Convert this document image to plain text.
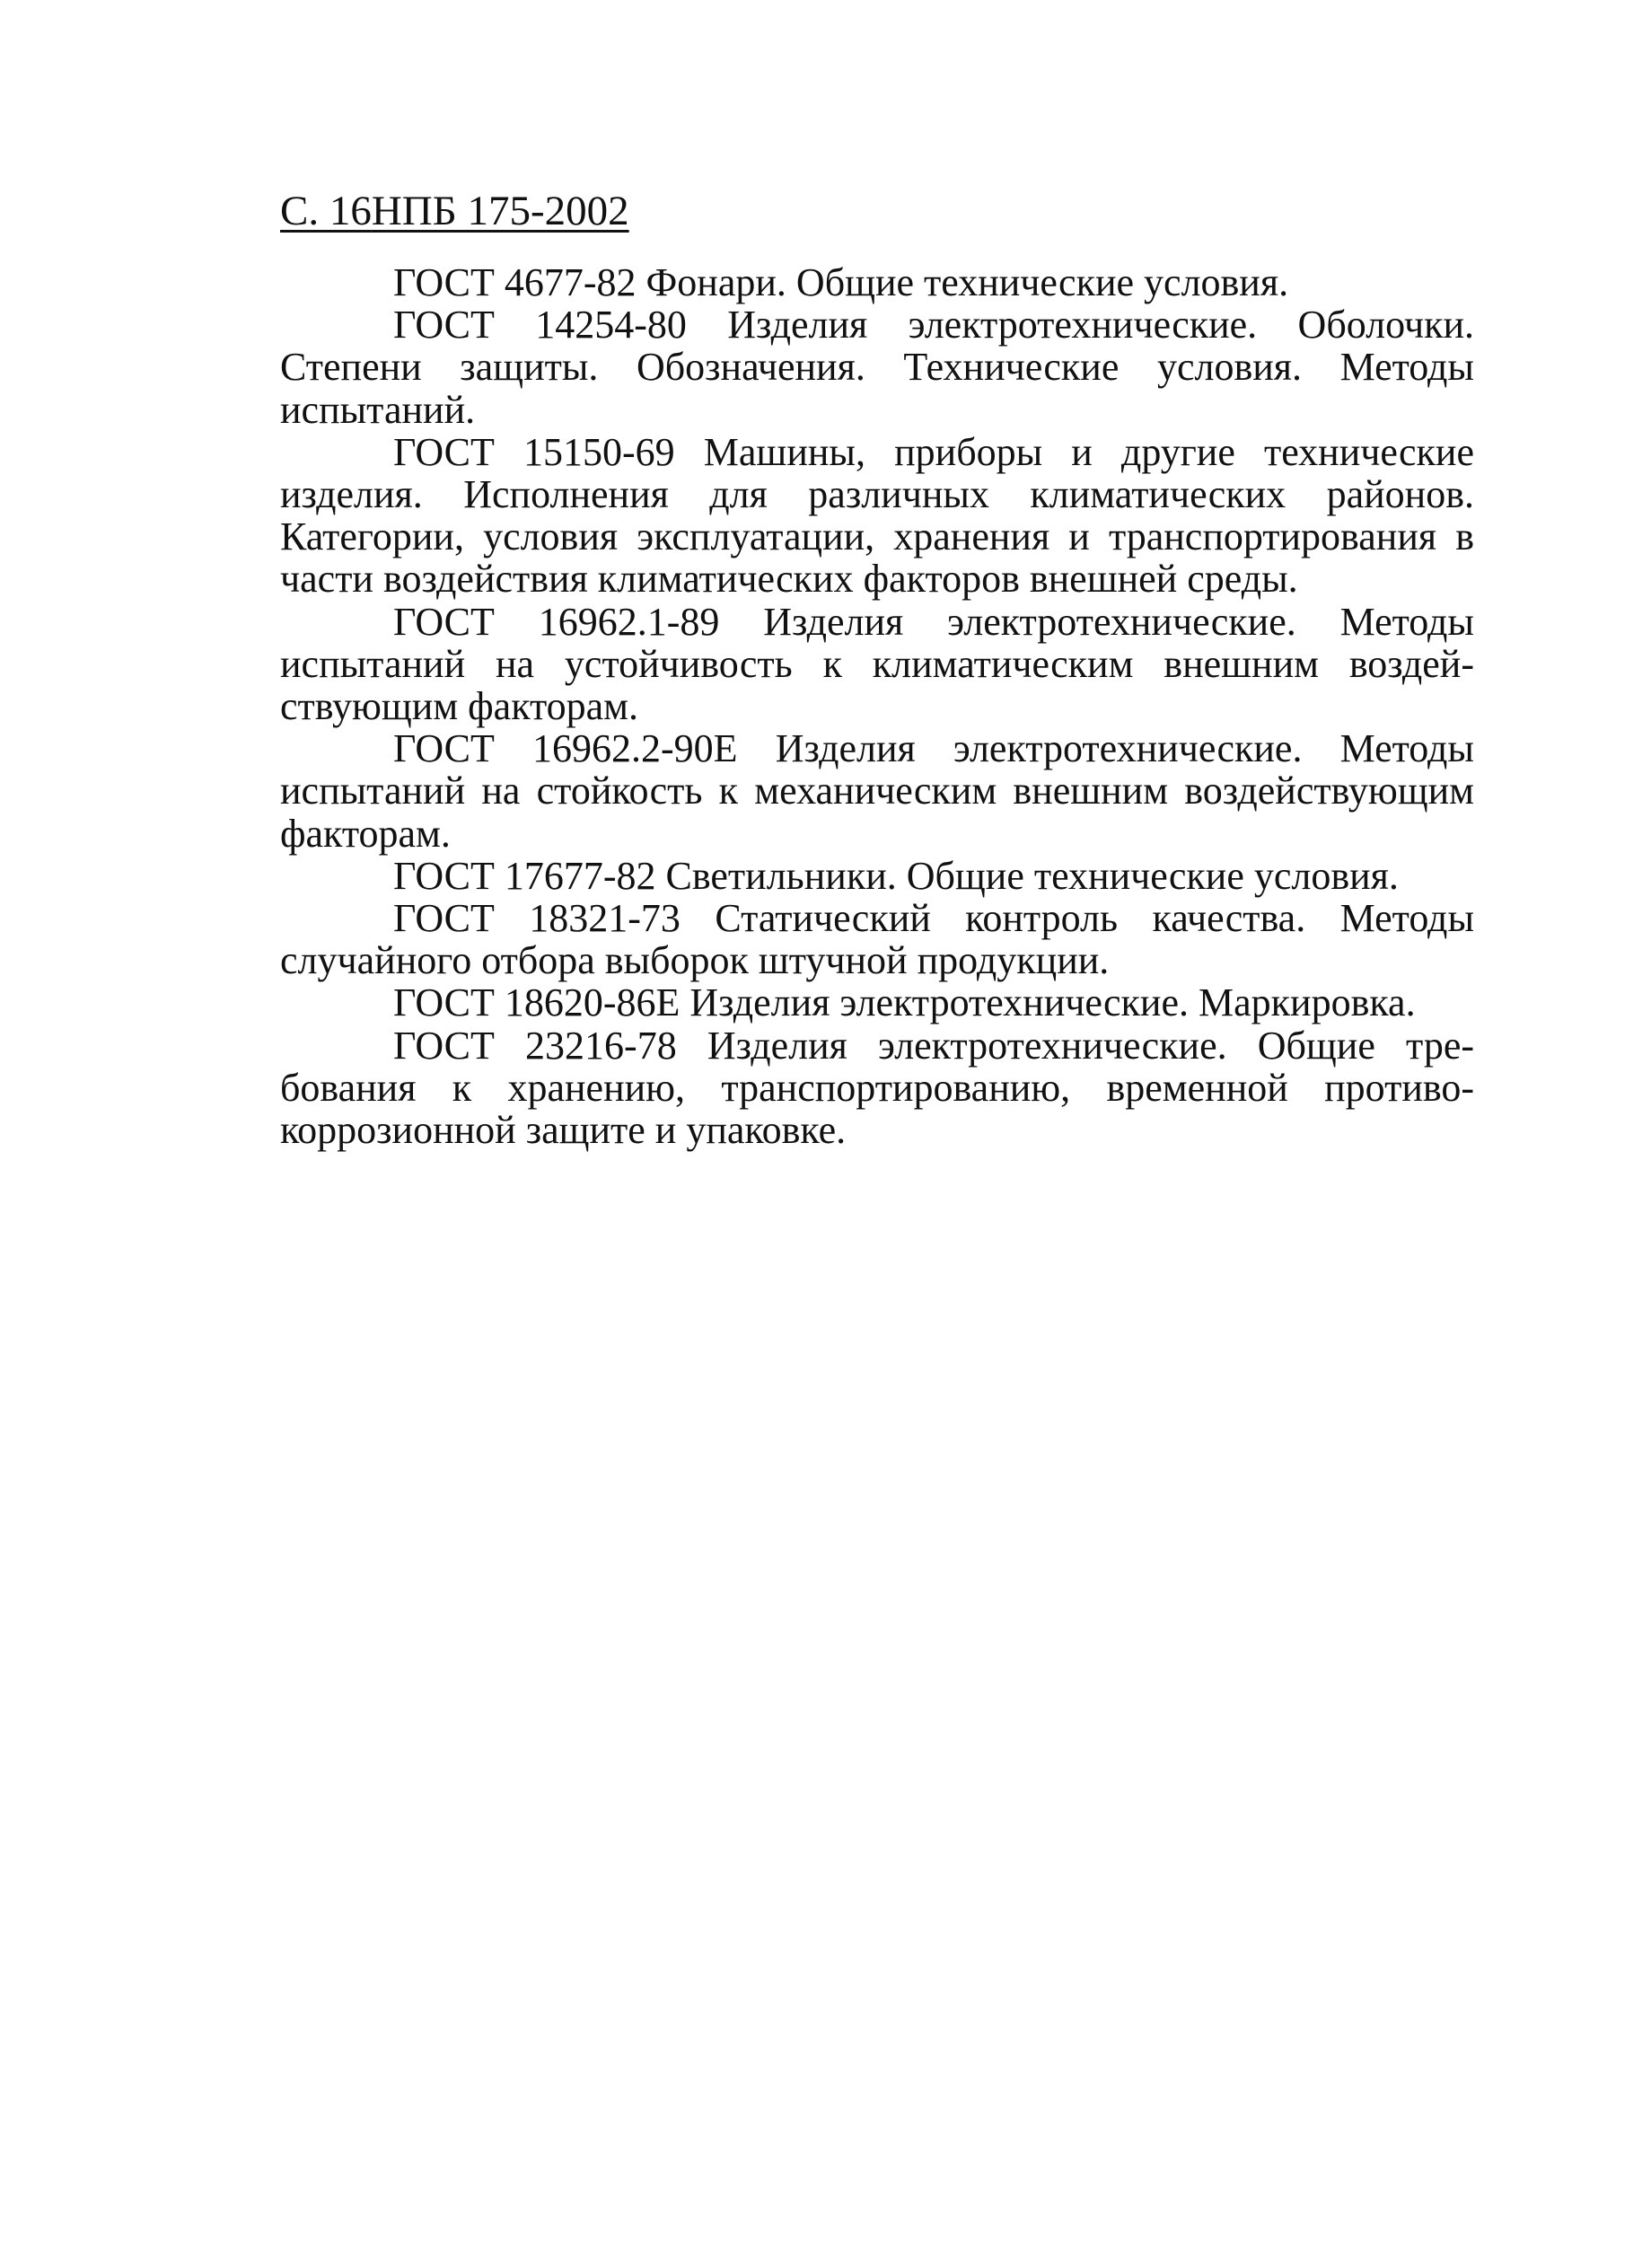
С. 16НПБ 175-2002
ГОСТ 4677-82 Фонари. Общие технические условия.
ГОСТ 14254-80 Изделия электротехнические. Оболочки. Степени защиты. Обозначения. Технические условия. Методы испытаний.
ГОСТ 15150-69 Машины, приборы и другие технические изделия. Исполнения для различных климатических районов. Категории, условия эксплуатации, хранения и транспортирования в части воздействия климатических факторов внешней среды.
ГОСТ 16962.1-89 Изделия электротехнические. Методы испытаний на устойчивость к климатическим внешним воздействующим факторам.
ГОСТ 16962.2-90Е Изделия электротехнические. Методы испытаний на стойкость к механическим внешним воздействующим факторам.
ГОСТ 17677-82 Светильники. Общие технические условия.
ГОСТ 18321-73 Статический контроль качества. Методы случайного отбора выборок штучной продукции.
ГОСТ 18620-86Е Изделия электротехнические. Маркировка.
ГОСТ 23216-78 Изделия электротехнические. Общие требования к хранению, транспортированию, временной противокоррозионной защите и упаковке.
